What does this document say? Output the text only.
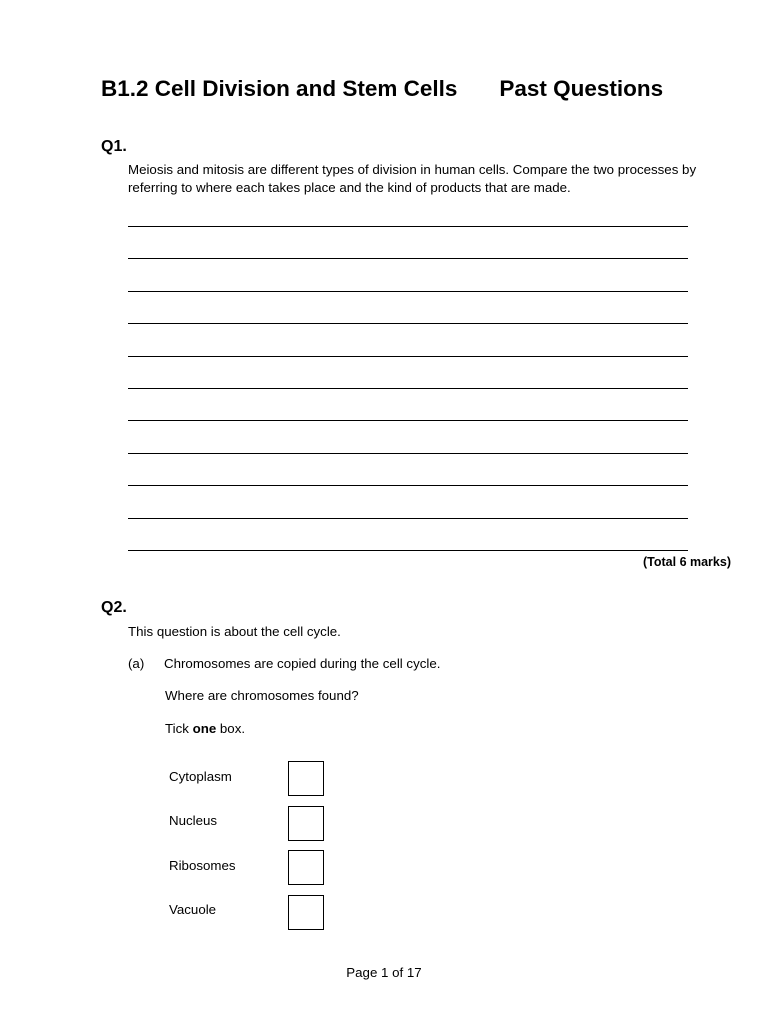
B1.2 Cell Division and Stem Cells Past Questions
Q1.
Meiosis and mitosis are different types of division in human cells. Compare the two processes by referring to where each takes place and the kind of products that are made.
(Total 6 marks)
Q2.
This question is about the cell cycle.
(a) Chromosomes are copied during the cell cycle.
Where are chromosomes found?
Tick one box.
Cytoplasm
Nucleus
Ribosomes
Vacuole
Page 1 of 17
